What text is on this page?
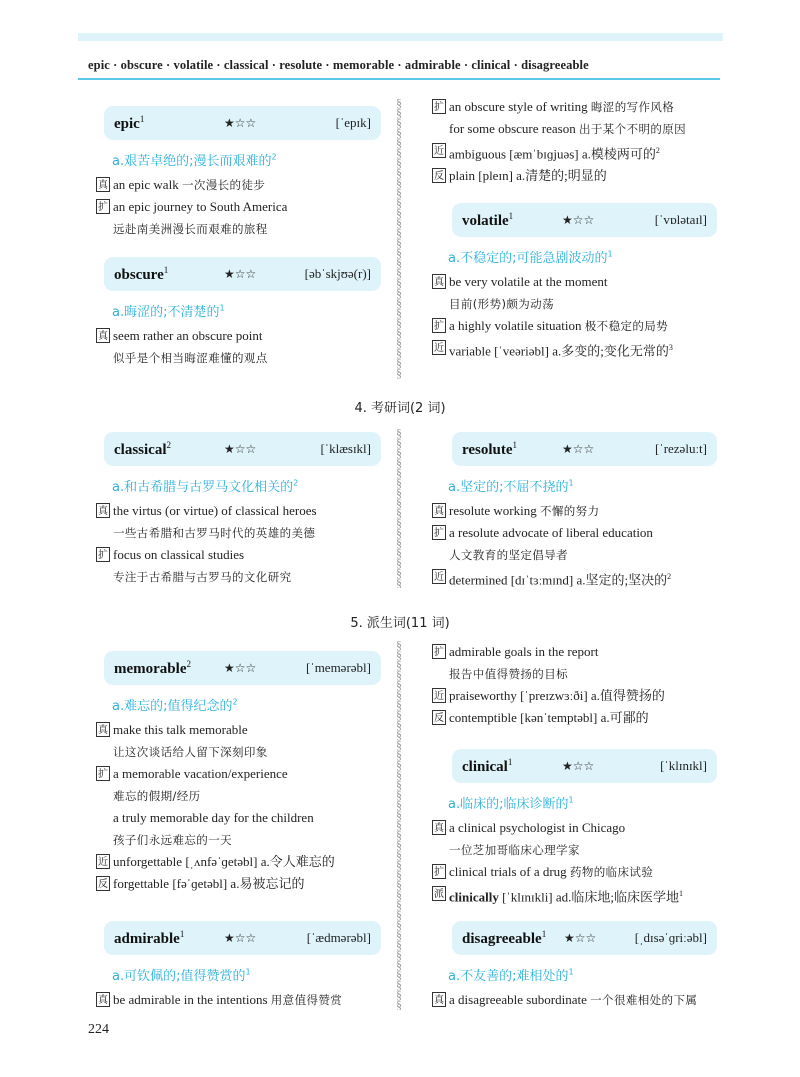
epic · obscure · volatile · classical · resolute · memorable · admirable · clinical · disagreeable
§
§
§
§
§
§
§
§
§
§
§
§
§
§
§
§
§
§
§
§
§
§
§
§
§
§
§
§
§
§
§
§
§
§
§
§
§
§
§
§
§
§
§
§
§
§
§
§
§
§
§
§
§
§
§
§
§
§
§
§
§
§
§
§
§
§
§
§
§
§
§
§
§
§
§
§
§
§
§
§
§
epic$^1$	★☆☆	[ˈepɪk]
a.艰苦卓绝的;漫长而艰难的$^2$
真 an epic walk 一次漫长的徒步
扩 an epic journey to South America
远赴南美洲漫长而艰难的旅程
obscure$^1$	★☆☆	[əbˈskjʊə(r)]
a.晦涩的;不清楚的$^1$
真 seem rather an obscure point
似乎是个相当晦涩难懂的观点
扩 an obscure style of writing 晦涩的写作风格
for some obscure reason 出于某个不明的原因
近 ambiguous [æmˈbɪɡjuəs] a.模棱两可的$^2$
反 plain [pleɪn] a.清楚的;明显的
volatile$^1$	★☆☆	[ˈvɒlətaɪl]
a.不稳定的;可能急剧波动的$^1$
真 be very volatile at the moment
目前(形势)颇为动荡
扩 a highly volatile situation 极不稳定的局势
近 variable [ˈveəriəbl] a.多变的;变化无常的$^3$
4. 考研词(2 词)
classical$^2$	★☆☆	[ˈklæsɪkl]
a.和古希腊与古罗马文化相关的$^2$
真 the virtus (or virtue) of classical heroes
一些古希腊和古罗马时代的英雄的美德
扩 focus on classical studies
专注于古希腊与古罗马的文化研究
resolute$^1$	★☆☆	[ˈrezəluːt]
a.坚定的;不屈不挠的$^1$
真 resolute working 不懈的努力
扩 a resolute advocate of liberal education
人文教育的坚定倡导者
近 determined [dɪˈtɜːmɪnd] a.坚定的;坚决的$^2$
5. 派生词(11 词)
memorable$^2$	★☆☆	[ˈmemərəbl]
a.难忘的;值得纪念的$^2$
真 make this talk memorable
让这次谈话给人留下深刻印象
扩 a memorable vacation/experience
难忘的假期/经历
a truly memorable day for the children
孩子们永远难忘的一天
近 unforgettable [ˌʌnfəˈɡetəbl] a.令人难忘的
反 forgettable [fəˈɡetəbl] a.易被忘记的
admirable$^1$	★☆☆	[ˈædmərəbl]
a.可钦佩的;值得赞赏的$^1$
真 be admirable in the intentions 用意值得赞赏
扩 admirable goals in the report
报告中值得赞扬的目标
近 praiseworthy [ˈpreɪzwɜːði] a.值得赞扬的
反 contemptible [kənˈtemptəbl] a.可鄙的
clinical$^1$	★☆☆	[ˈklɪnɪkl]
a.临床的;临床诊断的$^1$
真 a clinical psychologist in Chicago
一位芝加哥临床心理学家
扩 clinical trials of a drug 药物的临床试验
派 clinically [ˈklɪnɪkli] ad.临床地;临床医学地$^1$
disagreeable$^1$ ★☆☆	[ˌdɪsəˈɡriːəbl]
a.不友善的;难相处的$^1$
真 a disagreeable subordinate 一个很难相处的下属
224
